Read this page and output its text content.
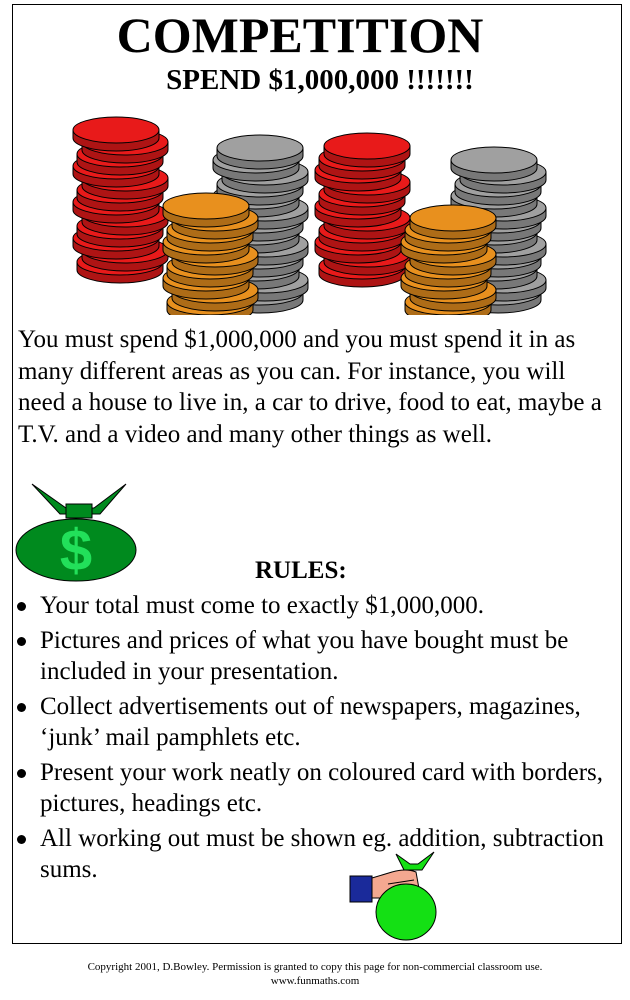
COMPETITION
SPEND $1,000,000 !!!!!!!

You must spend $1,000,000 and you must spend it in as many different areas as you can. For instance, you will need a house to live in, a car to drive, food to eat, maybe a T.V. and a video and many other things as well.

$	RULES:
Your total must come to exactly $1,000,000.
Pictures and prices of what you have bought must be included in your presentation.
Collect advertisements out of newspapers, magazines, ‘junk’ mail pamphlets etc.
Present your work neatly on coloured card with borders, pictures, headings etc.
All working out must be shown eg. addition, subtraction sums.

Copyright 2001, D.Bowley. Permission is granted to copy this page for non-commercial classroom use.
www.funmaths.com
